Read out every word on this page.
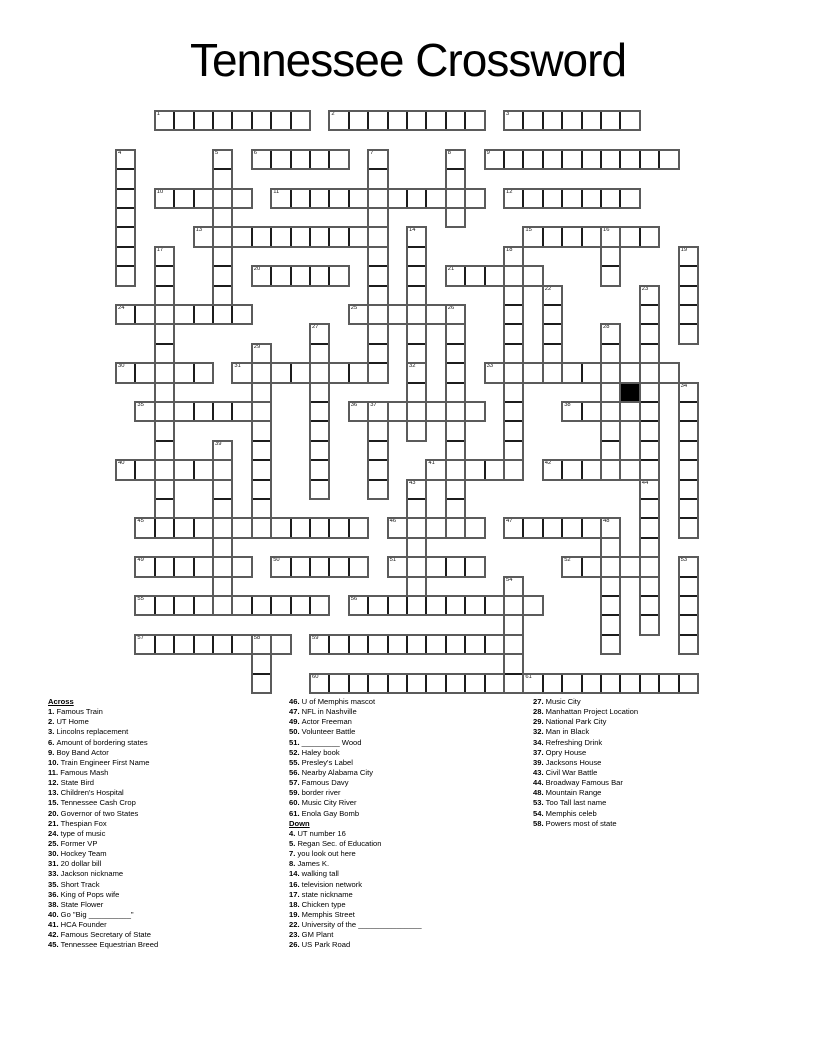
Tennessee Crossword
1	2	3
4	5	6	7	8	9
10	11	12
13	14	15	16
17	18	19
20	21
22	23
24	25	26
27	28
29
30	31	32	33
34
35	36 37	38
39
40	41	42
43	44
45	46	47	48
49	50	51	52	53
54
55	56
57	58	59
60	61
Across
1. Famous Train
2. UT Home
3. Lincolns replacement
6. Amount of bordering states
9. Boy Band Actor
10. Train Engineer First Name
11. Famous Mash
12. State Bird
13. Children's Hospital
15. Tennessee Cash Crop
20. Governor of two States
21. Thespian Fox
24. type of music
25. Former VP
30. Hockey Team
31. 20 dollar bill
33. Jackson nickname
35. Short Track
36. King of Pops wife
38. State Flower
40. Go "Big __________"
41. HCA Founder
42. Famous Secretary of State
45. Tennessee Equestrian Breed
46. U of Memphis mascot
47. NFL in Nashville
49. Actor Freeman
50. Volunteer Battle
51. _________ Wood
52. Haley book
55. Presley's Label
56. Nearby Alabama City
57. Famous Davy
59. border river
60. Music City River
61. Enola Gay Bomb
Down
4. UT number 16
5. Regan Sec. of Education
7. you look out here
8. James K.
14. walking tall
16. television network
17. state nickname
18. Chicken type
19. Memphis Street
22. University of the _______________
23. GM Plant
26. US Park Road
27. Music City
28. Manhattan Project Location
29. National Park City
32. Man in Black
34. Refreshing Drink
37. Opry House
39. Jacksons House
43. Civil War Battle
44. Broadway Famous Bar
48. Mountain Range
53. Too Tall last name
54. Memphis celeb
58. Powers most of state
